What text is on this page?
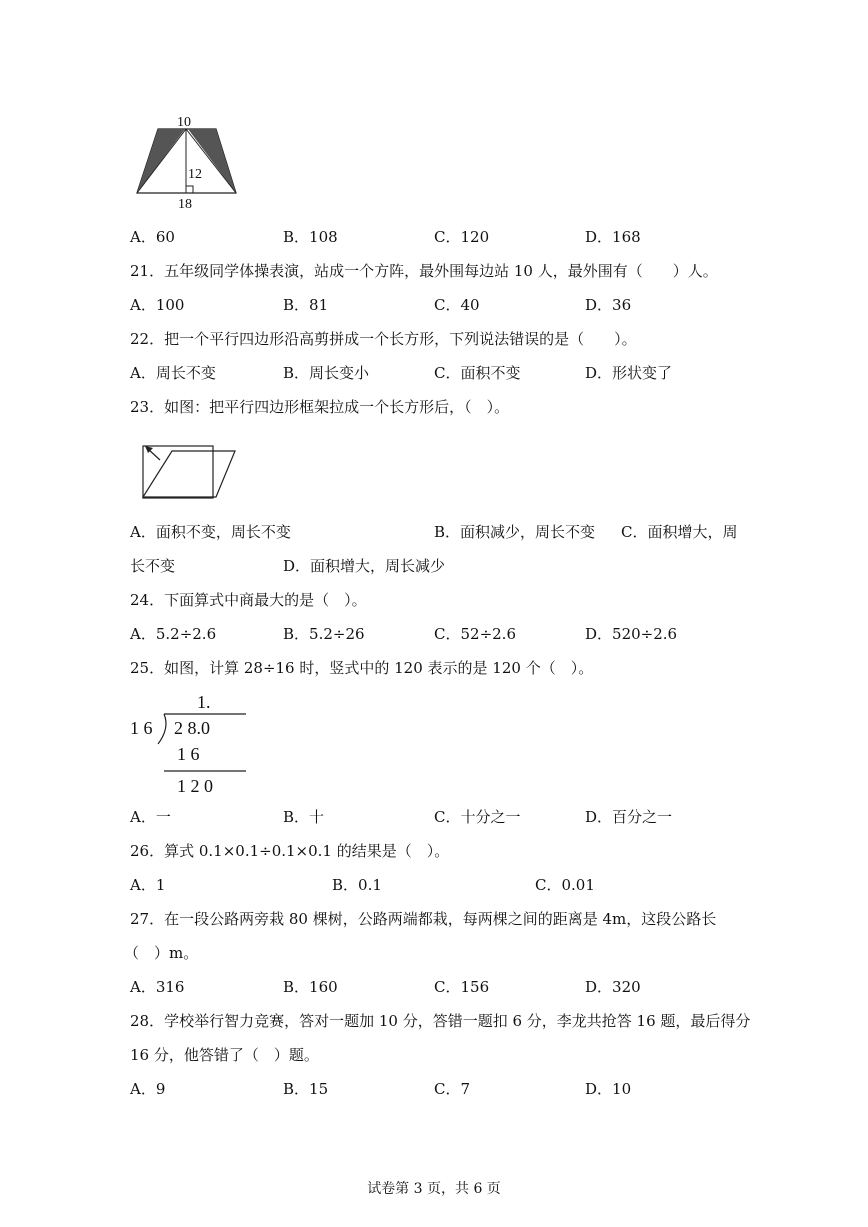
10
12
18
A．60	B．108	C．120	D．168
21．五年级同学体操表演，站成一个方阵，最外围每边站 10 人，最外围有（　　）人。
A．100	B．81	C．40	D．36
22．把一个平行四边形沿高剪拼成一个长方形，下列说法错误的是（　　）。
A．周长不变	B．周长变小	C．面积不变	D．形状变了
23．如图：把平行四边形框架拉成一个长方形后，（　）。
A．面积不变，周长不变	B．面积减少，周长不变 C．面积增大，周
长不变	D．面积增大，周长减少
24．下面算式中商最大的是（　）。
A．5.2÷2.6	B．5.2÷26	C．52÷2.6	D．520÷2.6
25．如图，计算 28÷16 时，竖式中的 120 表示的是 120 个（　）。
1.
1 6 2 8.0
1 6
1 2 0
A．一	B．十	C．十分之一	D．百分之一
26．算式 0.1×0.1÷0.1×0.1 的结果是（　）。
A．1	B．0.1	C．0.01
27．在一段公路两旁栽 80 棵树，公路两端都栽，每两棵之间的距离是 4m，这段公路长
（　）m。
A．316	B．160	C．156	D．320
28．学校举行智力竞赛，答对一题加 10 分，答错一题扣 6 分，李龙共抢答 16 题，最后得分
16 分，他答错了（　）题。
A．9	B．15	C．7	D．10
试卷第 3 页，共 6 页
